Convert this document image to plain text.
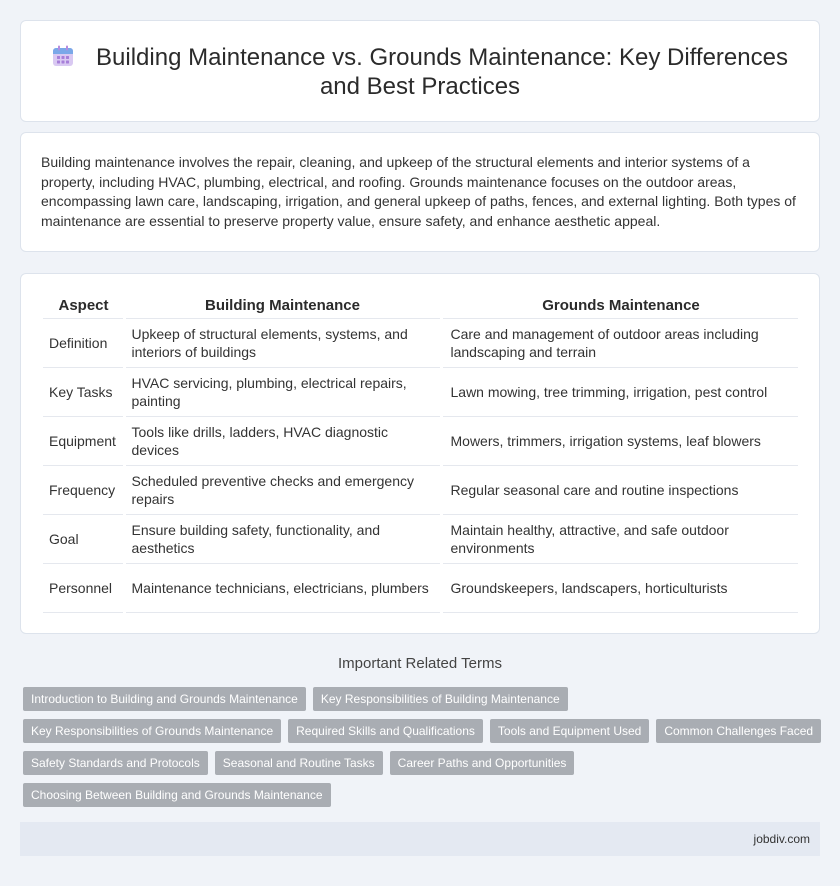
Building Maintenance vs. Grounds Maintenance: Key Differences
and Best Practices

Building maintenance involves the repair, cleaning, and upkeep of the structural elements and interior systems of a property, including HVAC, plumbing, electrical, and roofing. Grounds maintenance focuses on the outdoor areas, encompassing lawn care, landscaping, irrigation, and general upkeep of paths, fences, and external lighting. Both types of maintenance are essential to preserve property value, ensure safety, and enhance aesthetic appeal.

Aspect	Building Maintenance	Grounds Maintenance
Definition	Upkeep of structural elements, systems, and interiors of buildings	Care and management of outdoor areas including landscaping and terrain
Key Tasks	HVAC servicing, plumbing, electrical repairs, painting	Lawn mowing, tree trimming, irrigation, pest control
Equipment	Tools like drills, ladders, HVAC diagnostic devices	Mowers, trimmers, irrigation systems, leaf blowers
Frequency	Scheduled preventive checks and emergency repairs	Regular seasonal care and routine inspections
Goal	Ensure building safety, functionality, and aesthetics	Maintain healthy, attractive, and safe outdoor environments
Personnel	Maintenance technicians, electricians, plumbers	Groundskeepers, landscapers, horticulturists
Important Related Terms
Introduction to Building and Grounds Maintenance	Key Responsibilities of Building Maintenance
Key Responsibilities of Grounds Maintenance	Required Skills and Qualifications	Tools and Equipment Used	Common Challenges Faced
Safety Standards and Protocols	Seasonal and Routine Tasks	Career Paths and Opportunities
Choosing Between Building and Grounds Maintenance
jobdiv.com
